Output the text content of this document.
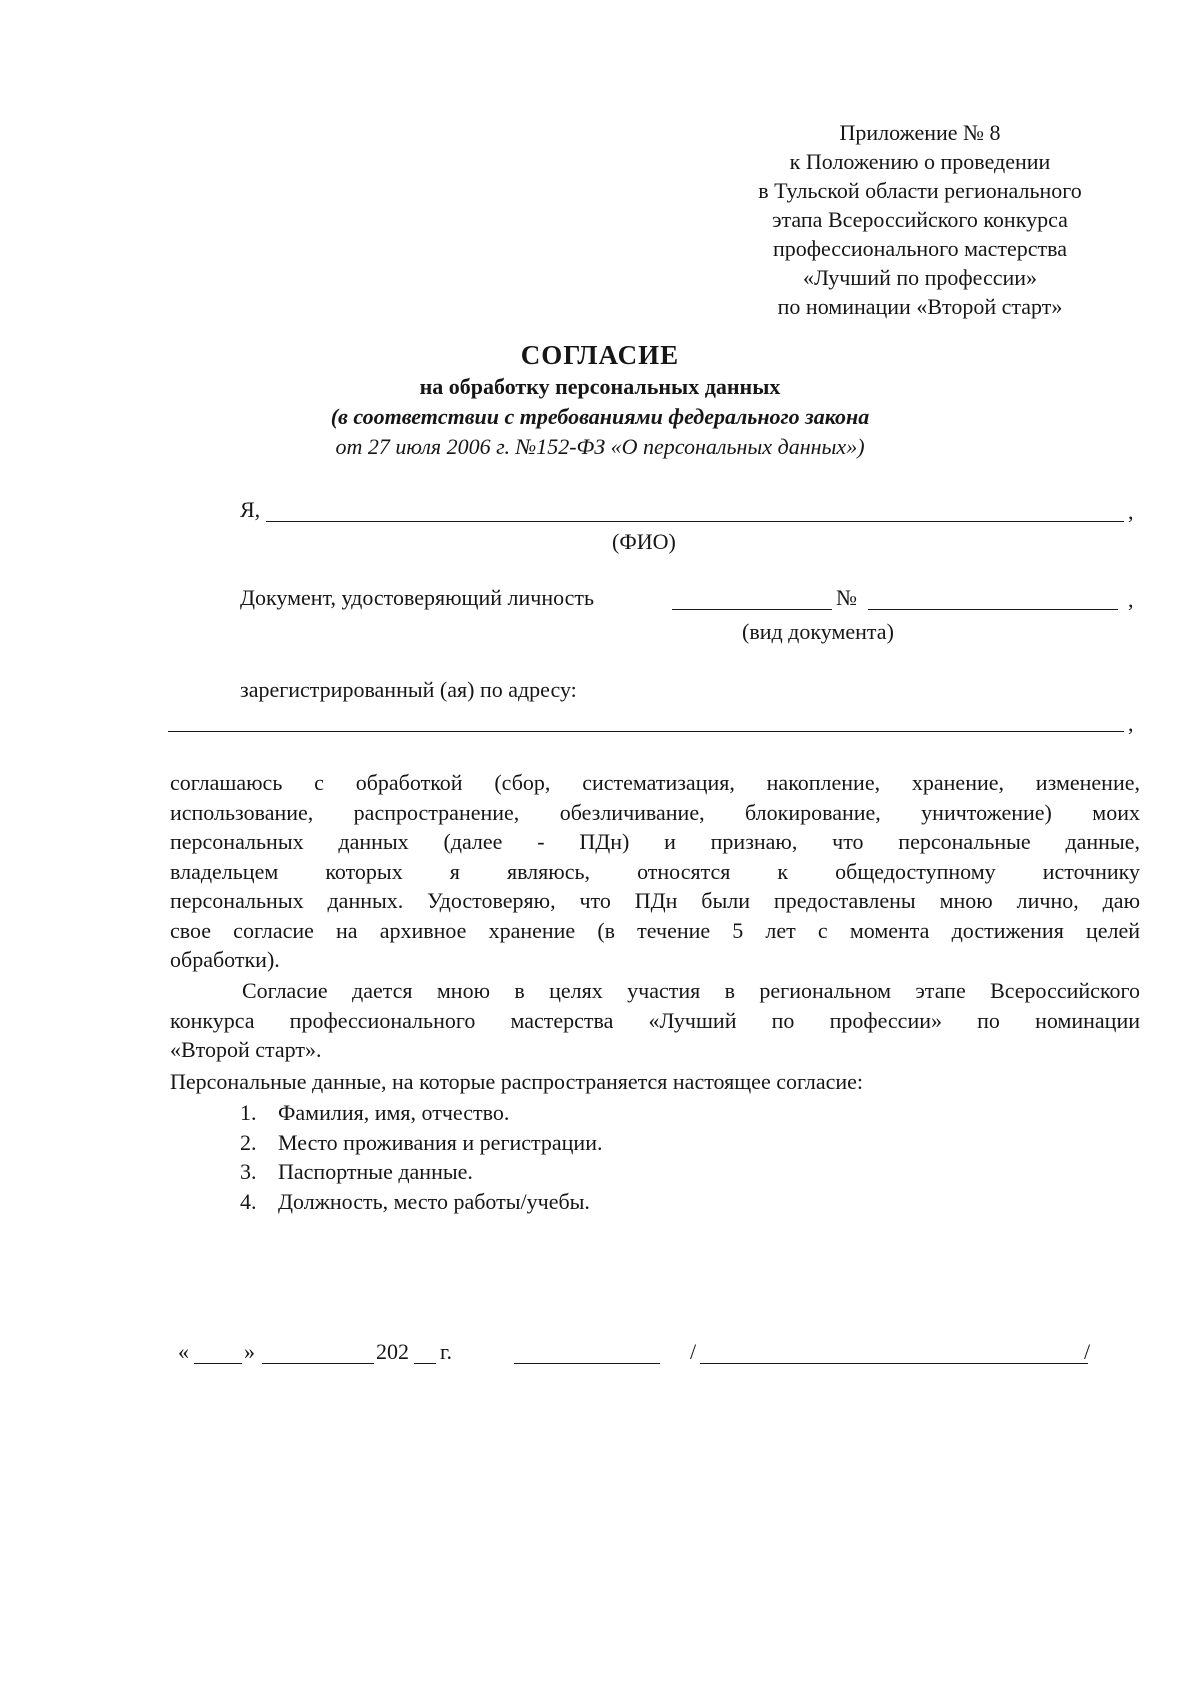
Приложение № 8
к Положению о проведении
в Тульской области регионального
этапа Всероссийского конкурса
профессионального мастерства
«Лучший по профессии»
по номинации «Второй старт»
СОГЛАСИЕ
на обработку персональных данных
(в соответствии с требованиями федерального закона
от 27 июля 2006 г. №152-ФЗ «О персональных данных»)
Я,	,
(ФИО)
Документ, удостоверяющий личность	№	,
(вид документа)
зарегистрированный (ая) по адресу:
,
соглашаюсь с обработкой (сбор, систематизация, накопление, хранение, изменение,
использование, распространение, обезличивание, блокирование, уничтожение) моих
персональных данных (далее - ПДн) и признаю, что персональные данные,
владельцем которых я являюсь, относятся к общедоступному источнику
персональных данных. Удостоверяю, что ПДн были предоставлены мною лично, даю
свое согласие на архивное хранение (в течение 5 лет с момента достижения целей
обработки).
Согласие дается мною в целях участия в региональном этапе Всероссийского
конкурса профессионального мастерства «Лучший по профессии» по номинации
«Второй старт».
Персональные данные, на которые распространяется настоящее согласие:
1. Фамилия, имя, отчество.
2. Место проживания и регистрации.
3. Паспортные данные.
4. Должность, место работы/учебы.
«	»	202 г.	/	/
